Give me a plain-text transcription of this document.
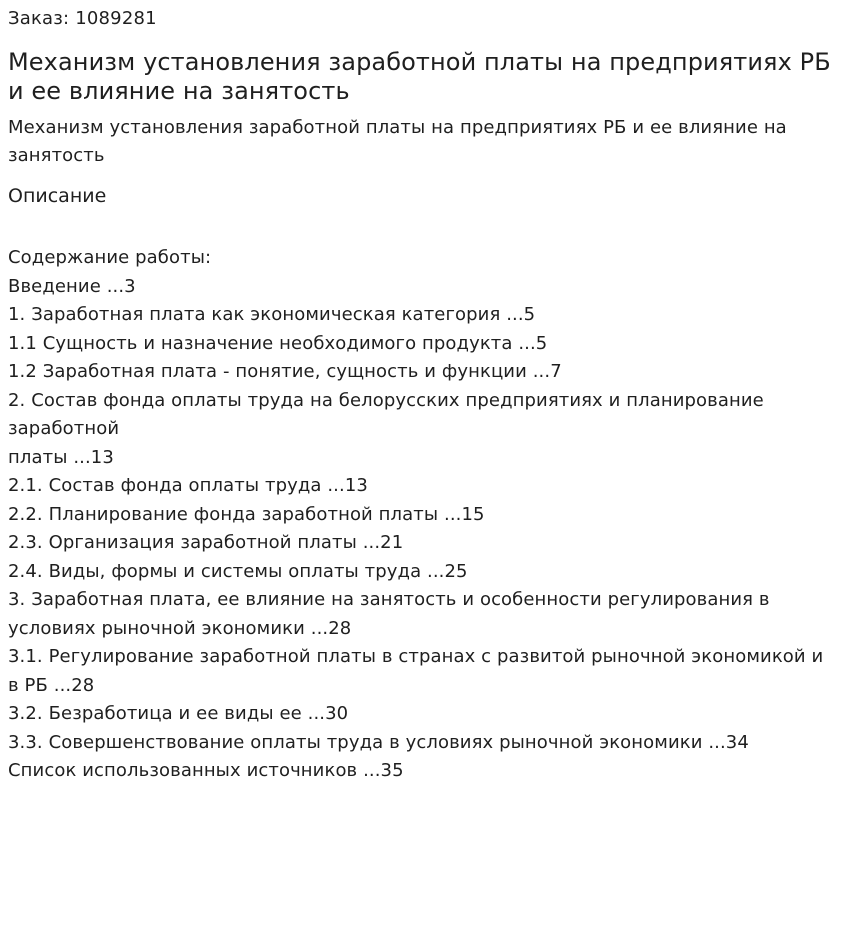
Заказ: 1089281
Механизм установления заработной платы на предприятиях РБ и ее влияние на занятость
Механизм установления заработной платы на предприятиях РБ и ее влияние на занятость
Описание
Содержание работы:
Введение ...3
1. Заработная плата как экономическая категория ...5
1.1 Сущность и назначение необходимого продукта ...5
1.2 Заработная плата - понятие, сущность и функции ...7
2. Состав фонда оплаты труда на белорусских предприятиях и планирование заработной
платы ...13
2.1. Состав фонда оплаты труда ...13
2.2. Планирование фонда заработной платы ...15
2.3. Организация заработной платы ...21
2.4. Виды, формы и системы оплаты труда ...25
3. Заработная плата, ее влияние на занятость и особенности регулирования в условиях рыночной экономики ...28
3.1. Регулирование заработной платы в странах с развитой рыночной экономикой и в РБ ...28
3.2. Безработица и ее виды ее ...30
3.3. Совершенствование оплаты труда в условиях рыночной экономики ...34
Список использованных источников ...35
